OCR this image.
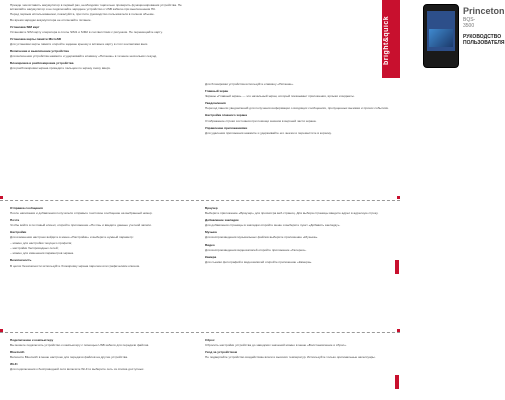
Princeton
BQS-3500
РУКОВОДСТВО
ПОЛЬЗОВАТЕЛЯ
bright&quick

Прежде чем вставить аккумулятор в первый раз, необходимо тщательно проверить функционирования устройства. Не вставляйте аккумулятор и не подключайте зарядное устройство к USB кабелю при выключенном ПК.

Перед первым использованием, пожалуйста, прочтите руководство пользователя в полном объеме.

Во время зарядки аккумулятора не отключайте питание.

Установка SIM карт

Установите SIM карту оператора в слоты SIM1 и SIM2 в соответствии с рисунком. Не перемещайте карту.

Установка карты памяти MicroSD

Для установки карты памяти откройте заднюю крышку и вставьте карту в слот контактами вниз.

Включение и выключение устройства

Для включения устройства нажмите и удерживайте клавишу «Питание» в течение нескольких секунд.

Блокировка и разблокировка устройства

Для разблокировки экрана проведите пальцем по экрану снизу вверх.

Для блокировки устройства используйте клавишу «Питание».

Главный экран

Экраны «Главный экран» — это начальный экран, который показывает приложения, ярлыки и виджеты.

Уведомления

Переход панели уведомлений для получения информации о входящих сообщениях, пропущенных вызовах и прочих событиях.

Настройка главного экрана

Отображение строки состояния при помощи значков в верхней части экрана.

Управление приложениями

Для удаления приложения нажмите и удерживайте его значок и переместите в корзину.

Отправка сообщения

После написания и добавления получателя отправьте текстовое сообщение на выбранный номер.

Почта

Чтобы войти в почтовый клиент, откройте приложение «Почта» и введите данные учетной записи.

Настройки

Для изменения настроек войдите в меню «Настройки» и выберите нужный параметр:

– можно для настройки текущего профиля;

– настройки беспроводных сетей;

– можно для изменения параметров экрана.

Безопасность

В целях безопасности используйте блокировку экрана паролем или графическим ключом.

Браузер

Выберите приложение «Браузер» для просмотра веб-страниц. Для выбора страницы введите адрес в адресную строку.

Добавление закладки

Для добавления страницы в закладки откройте меню и выберите пункт «Добавить закладку».

Музыка

Для воспроизведения музыкальных файлов выберите приложение «Музыка».

Видео

Для воспроизведения видеозаписей откройте приложение «Галерея».

Камера

Для съемки фотографий и видеозаписей откройте приложение «Камера».

Подключение к компьютеру

Вы можете подключить устройство к компьютеру с помощью USB кабеля для передачи файлов.

Bluetooth

Включите Bluetooth в меню настроек для передачи файлов на другие устройства.

Wi-Fi

Для подключения к беспроводной сети включите Wi-Fi и выберите сеть из списка доступных.

Сброс

Сбросить настройки устройства до заводских значений можно в меню «Восстановление и сброс».

Уход за устройством

Не подвергайте устройство воздействию влаги и высоких температур. Используйте только оригинальные аксессуары.
